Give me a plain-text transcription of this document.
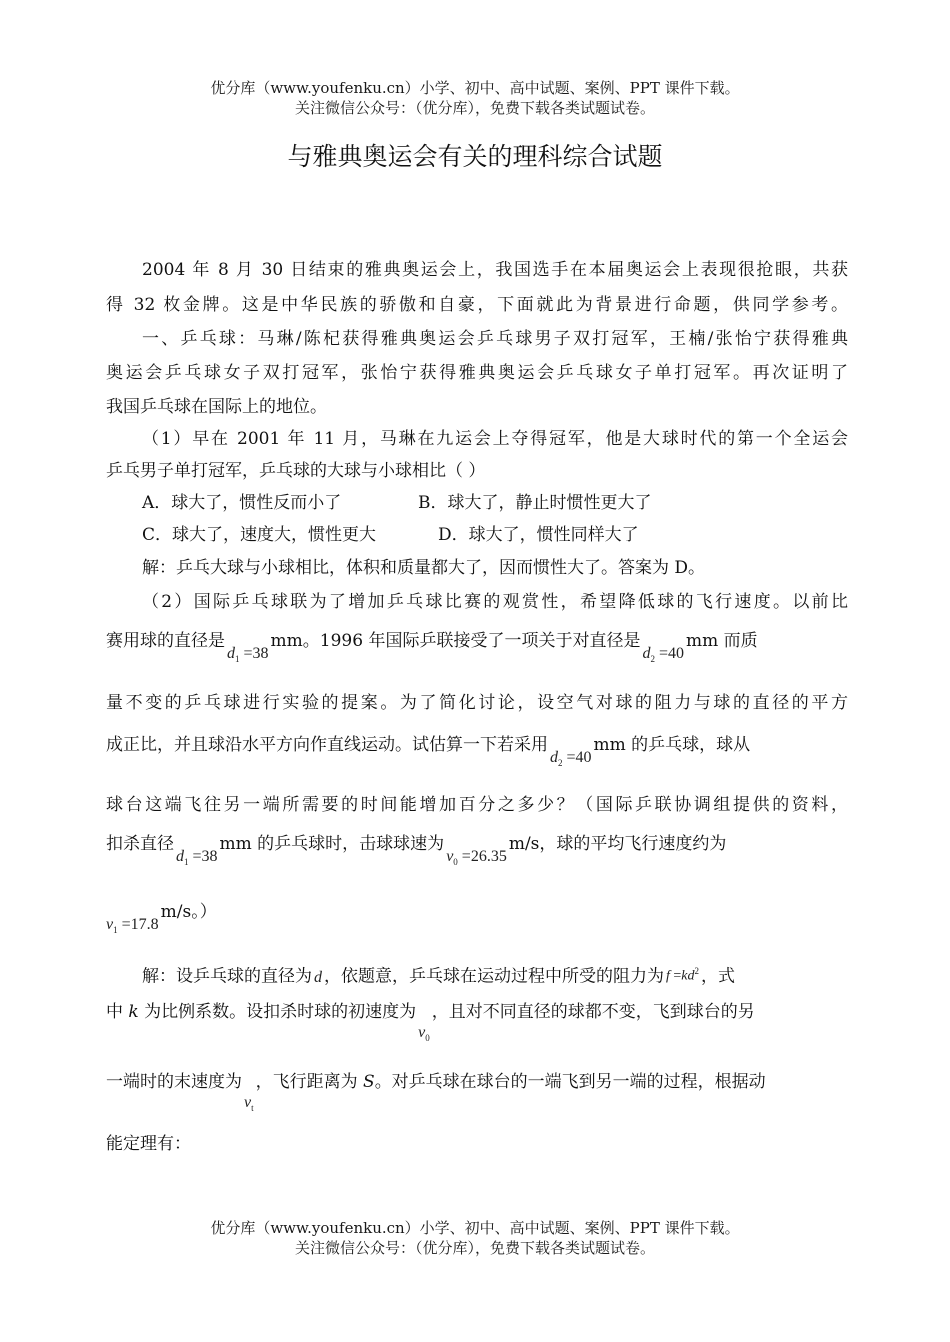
优分库（www.youfenku.cn）小学、初中、高中试题、案例、PPT 课件下载。
关注微信公众号：（优分库），免费下载各类试题试卷。
与雅典奥运会有关的理科综合试题
2004 年 8 月 30 日结束的雅典奥运会上，我国选手在本届奥运会上表现很抢眼，共获
得 32 枚金牌。这是中华民族的骄傲和自豪，下面就此为背景进行命题，供同学参考。
一、乒乓球：马琳/陈杞获得雅典奥运会乒乓球男子双打冠军，王楠/张怡宁获得雅典
奥运会乒乓球女子双打冠军，张怡宁获得雅典奥运会乒乓球女子单打冠军。再次证明了
我国乒乓球在国际上的地位。
（1）早在 2001 年 11 月，马琳在九运会上夺得冠军，他是大球时代的第一个全运会
乒乓男子单打冠军，乒乓球的大球与小球相比（ ）
A．球大了，惯性反而小了	B．球大了，静止时惯性更大了
C．球大了，速度大，惯性更大	D．球大了，惯性同样大了
解：乒乓大球与小球相比，体积和质量都大了，因而惯性大了。答案为 D。
（2）国际乒乓球联为了增加乒乓球比赛的观赏性，希望降低球的飞行速度。以前比
赛用球的直径是$d_1 =38mm$。1996 年国际乒联接受了一项关于对直径是$d_2 =40mm$ 而质
量不变的乒乓球进行实验的提案。为了简化讨论，设空气对球的阻力与球的直径的平方
成正比，并且球沿水平方向作直线运动。试估算一下若采用$d_2 =40mm$ 的乒乓球，球从
球台这端飞往另一端所需要的时间能增加百分之多少？（国际乒联协调组提供的资料，
扣杀直径$d_1 =38mm$ 的乒乓球时，击球球速为$v_0 =26.35m/s$，球的平均飞行速度约为
$v_1 =17.8m/s$。）
解：设乒乓球的直径为 d ，依题意，乒乓球在运动过程中所受的阻力为 $f =kd^2$ ，式
中 k 为比例系数。设扣杀时球的初速度为$v_0$，且对不同直径的球都不变，飞到球台的另
一端时的末速度为$v_t$，飞行距离为 S。对乒乓球在球台的一端飞到另一端的过程，根据动
能定理有：
优分库（www.youfenku.cn）小学、初中、高中试题、案例、PPT 课件下载。
关注微信公众号：（优分库），免费下载各类试题试卷。
